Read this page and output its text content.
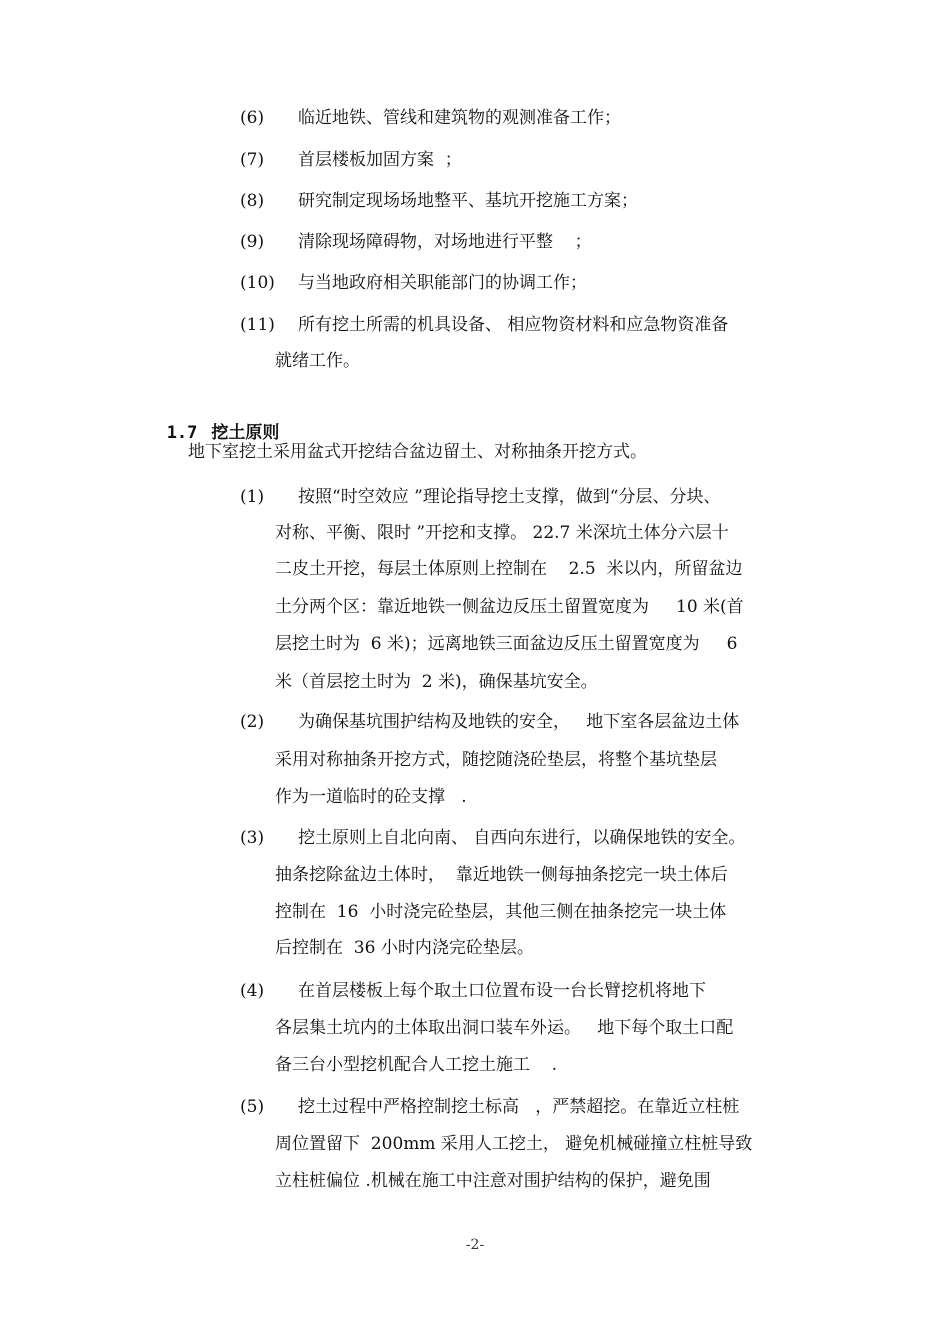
(6) 临近地铁、管线和建筑物的观测准备工作；
(7) 首层楼板加固方案  ；
(8) 研究制定现场场地整平、基坑开挖施工方案；
(9) 清除现场障碍物，对场地进行平整    ；
(10) 与当地政府相关职能部门的协调工作；
(11) 所有挖土所需的机具设备、 相应物资材料和应急物资准备
就绪工作。

1.7 挖土原则

地下室挖土采用盆式开挖结合盆边留土、对称抽条开挖方式。
(1) 按照“时空效应 ”理论指导挖土支撑，做到“分层、分块、
对称、平衡、限时 ”开挖和支撑。 22.7 米深坑土体分六层十
二皮土开挖，每层土体原则上控制在    2.5  米以内，所留盆边
土分两个区：靠近地铁一侧盆边反压土留置宽度为     10 米(首
层挖土时为  6 米)；远离地铁三面盆边反压土留置宽度为     6
米（首层挖土时为  2 米)，确保基坑安全。
(2) 为确保基坑围护结构及地铁的安全，   地下室各层盆边土体
采用对称抽条开挖方式，随挖随浇砼垫层，将整个基坑垫层
作为一道临时的砼支撑   .
(3) 挖土原则上自北向南、 自西向东进行，以确保地铁的安全。
抽条挖除盆边土体时，  靠近地铁一侧每抽条挖完一块土体后
控制在  16  小时浇完砼垫层，其他三侧在抽条挖完一块土体
后控制在  36 小时内浇完砼垫层。
(4) 在首层楼板上每个取土口位置布设一台长臂挖机将地下
各层集土坑内的土体取出洞口装车外运。   地下每个取土口配
备三台小型挖机配合人工挖土施工    .
(5) 挖土过程中严格控制挖土标高   ，严禁超挖。在靠近立柱桩
周位置留下  200mm 采用人工挖土， 避免机械碰撞立柱桩导致
立柱桩偏位 .机械在施工中注意对围护结构的保护，避免围
-2-
